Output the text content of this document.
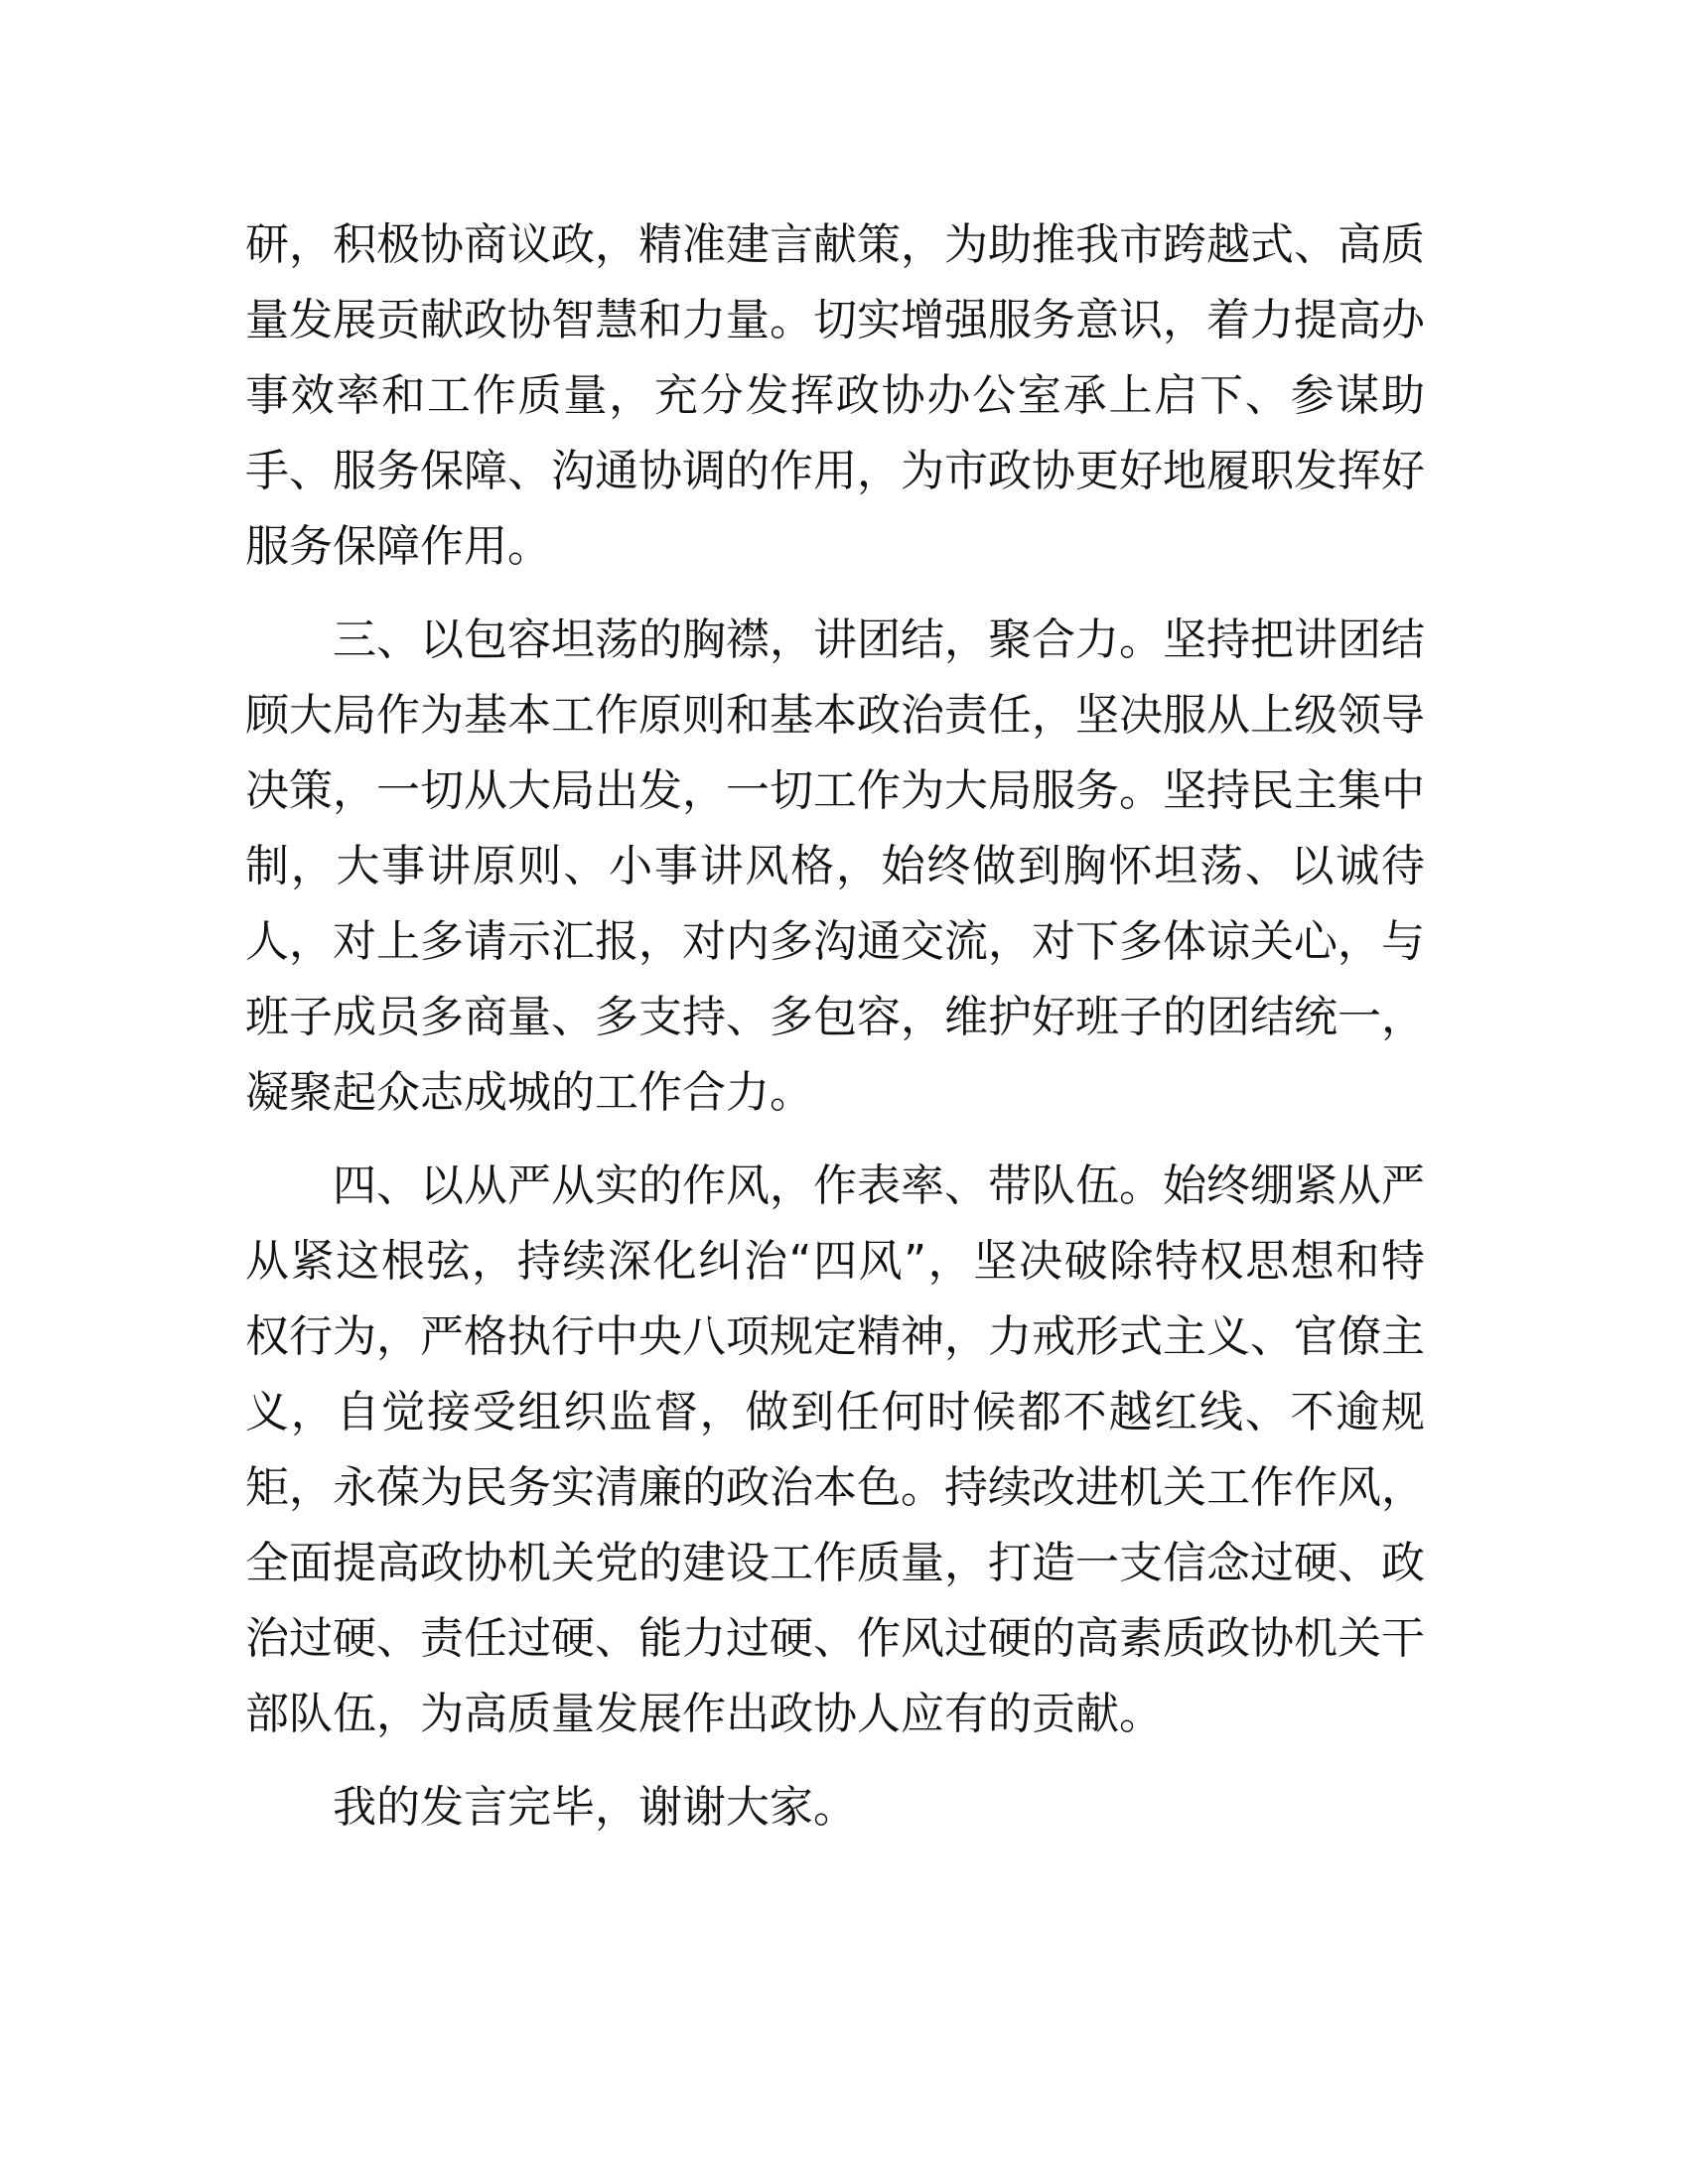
研，积极协商议政，精准建言献策，为助推我市跨越式、高质
量发展贡献政协智慧和力量。切实增强服务意识，着力提高办
事效率和工作质量，充分发挥政协办公室承上启下、参谋助
手、服务保障、沟通协调的作用，为市政协更好地履职发挥好
服务保障作用。
　　三、以包容坦荡的胸襟，讲团结，聚合力。坚持把讲团结
顾大局作为基本工作原则和基本政治责任，坚决服从上级领导
决策，一切从大局出发，一切工作为大局服务。坚持民主集中
制，大事讲原则、小事讲风格，始终做到胸怀坦荡、以诚待
人，对上多请示汇报，对内多沟通交流，对下多体谅关心，与
班子成员多商量、多支持、多包容，维护好班子的团结统一，
凝聚起众志成城的工作合力。
　　四、以从严从实的作风，作表率、带队伍。始终绷紧从严
从紧这根弦，持续深化纠治“四风”，坚决破除特权思想和特
权行为，严格执行中央八项规定精神，力戒形式主义、官僚主
义，自觉接受组织监督，做到任何时候都不越红线、不逾规
矩，永葆为民务实清廉的政治本色。持续改进机关工作作风，
全面提高政协机关党的建设工作质量，打造一支信念过硬、政
治过硬、责任过硬、能力过硬、作风过硬的高素质政协机关干
部队伍，为高质量发展作出政协人应有的贡献。
　　我的发言完毕，谢谢大家。
